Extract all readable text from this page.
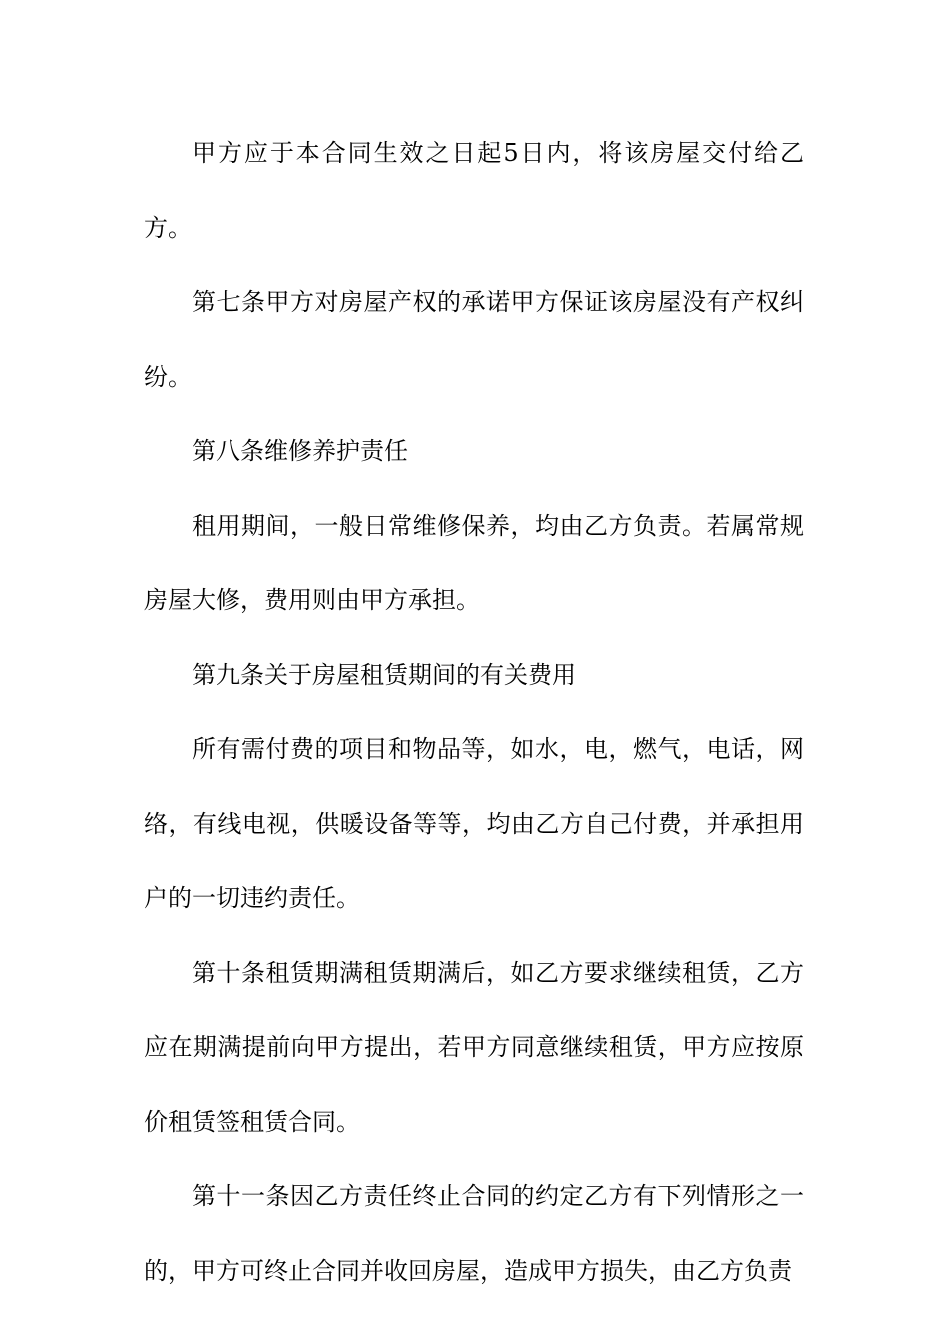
甲方应于本合同生效之日起5日内，将该房屋交付给乙方。

第七条甲方对房屋产权的承诺甲方保证该房屋没有产权纠纷。

第八条维修养护责任

租用期间，一般日常维修保养，均由乙方负责。若属常规房屋大修，费用则由甲方承担。

第九条关于房屋租赁期间的有关费用

所有需付费的项目和物品等，如水，电，燃气，电话，网络，有线电视，供暖设备等等，均由乙方自己付费，并承担用户的一切违约责任。

第十条租赁期满租赁期满后，如乙方要求继续租赁，乙方应在期满提前向甲方提出，若甲方同意继续租赁，甲方应按原价租赁签租赁合同。

第十一条因乙方责任终止合同的约定乙方有下列情形之一的，甲方可终止合同并收回房屋，造成甲方损失，由乙方负责
